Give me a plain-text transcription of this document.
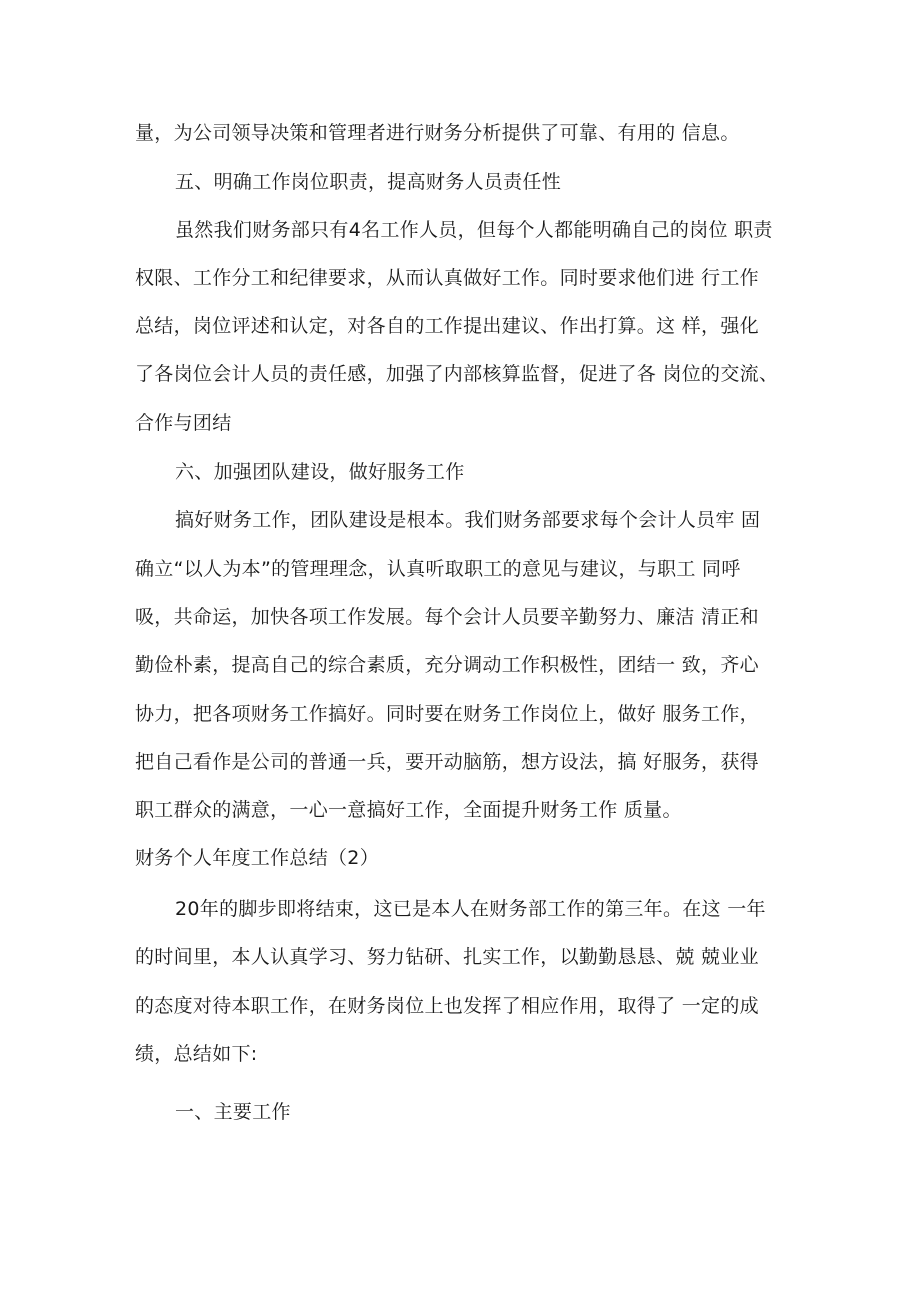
量，为公司领导决策和管理者进行财务分析提供了可靠、有用的 信息。
五、明确工作岗位职责，提高财务人员责任性
虽然我们财务部只有4名工作人员，但每个人都能明确自己的岗位 职责
权限、工作分工和纪律要求，从而认真做好工作。同时要求他们进 行工作
总结，岗位评述和认定，对各自的工作提出建议、作出打算。这 样，强化
了各岗位会计人员的责任感，加强了内部核算监督，促进了各 岗位的交流、
合作与团结
六、加强团队建设，做好服务工作
搞好财务工作，团队建设是根本。我们财务部要求每个会计人员牢 固
确立“以人为本”的管理理念，认真听取职工的意见与建议，与职工 同呼
吸，共命运，加快各项工作发展。每个会计人员要辛勤努力、廉洁 清正和
勤俭朴素，提高自己的综合素质，充分调动工作积极性，团结一 致，齐心
协力，把各项财务工作搞好。同时要在财务工作岗位上，做好 服务工作，
把自己看作是公司的普通一兵，要开动脑筋，想方设法，搞 好服务，获得
职工群众的满意，一心一意搞好工作，全面提升财务工作 质量。
财务个人年度工作总结（2）
20年的脚步即将结束，这已是本人在财务部工作的第三年。在这 一年
的时间里，本人认真学习、努力钻研、扎实工作，以勤勤恳恳、兢 兢业业
的态度对待本职工作，在财务岗位上也发挥了相应作用，取得了 一定的成
绩，总结如下:
一、主要工作
